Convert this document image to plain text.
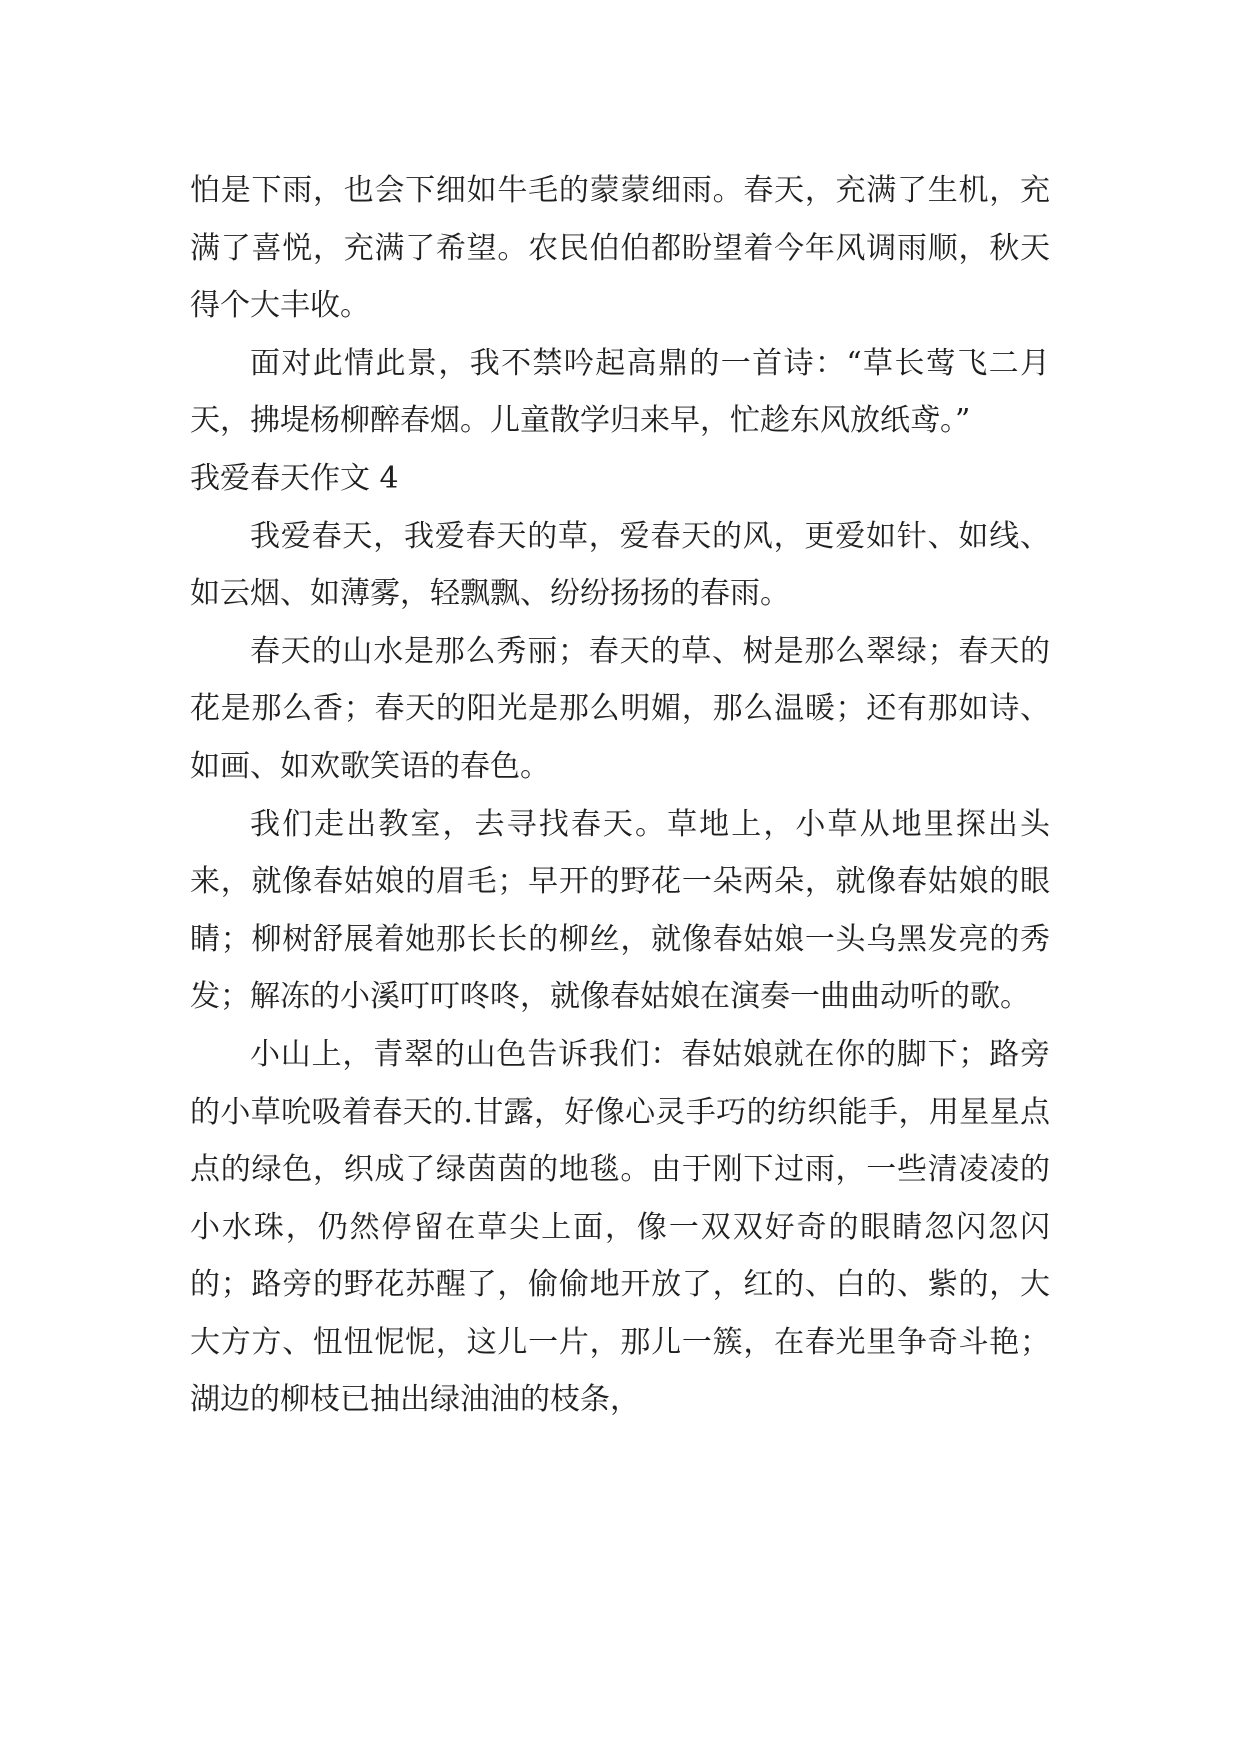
怕是下雨，也会下细如牛毛的蒙蒙细雨。春天，充满了生机，充满了喜悦，充满了希望。农民伯伯都盼望着今年风调雨顺，秋天得个大丰收。

面对此情此景，我不禁吟起高鼎的一首诗：“草长莺飞二月天，拂堤杨柳醉春烟。儿童散学归来早，忙趁东风放纸鸢。”

我爱春天作文 4

我爱春天，我爱春天的草，爱春天的风，更爱如针、如线、如云烟、如薄雾，轻飘飘、纷纷扬扬的春雨。

春天的山水是那么秀丽；春天的草、树是那么翠绿；春天的花是那么香；春天的阳光是那么明媚，那么温暖；还有那如诗、如画、如欢歌笑语的春色。

我们走出教室，去寻找春天。草地上，小草从地里探出头来，就像春姑娘的眉毛；早开的野花一朵两朵，就像春姑娘的眼睛；柳树舒展着她那长长的柳丝，就像春姑娘一头乌黑发亮的秀发；解冻的小溪叮叮咚咚，就像春姑娘在演奏一曲曲动听的歌。

小山上，青翠的山色告诉我们：春姑娘就在你的脚下；路旁的小草吮吸着春天的.甘露，好像心灵手巧的纺织能手，用星星点点的绿色，织成了绿茵茵的地毯。由于刚下过雨，一些清凌凌的小水珠，仍然停留在草尖上面，像一双双好奇的眼睛忽闪忽闪的；路旁的野花苏醒了，偷偷地开放了，红的、白的、紫的，大大方方、忸忸怩怩，这儿一片，那儿一簇，在春光里争奇斗艳；湖边的柳枝已抽出绿油油的枝条，
